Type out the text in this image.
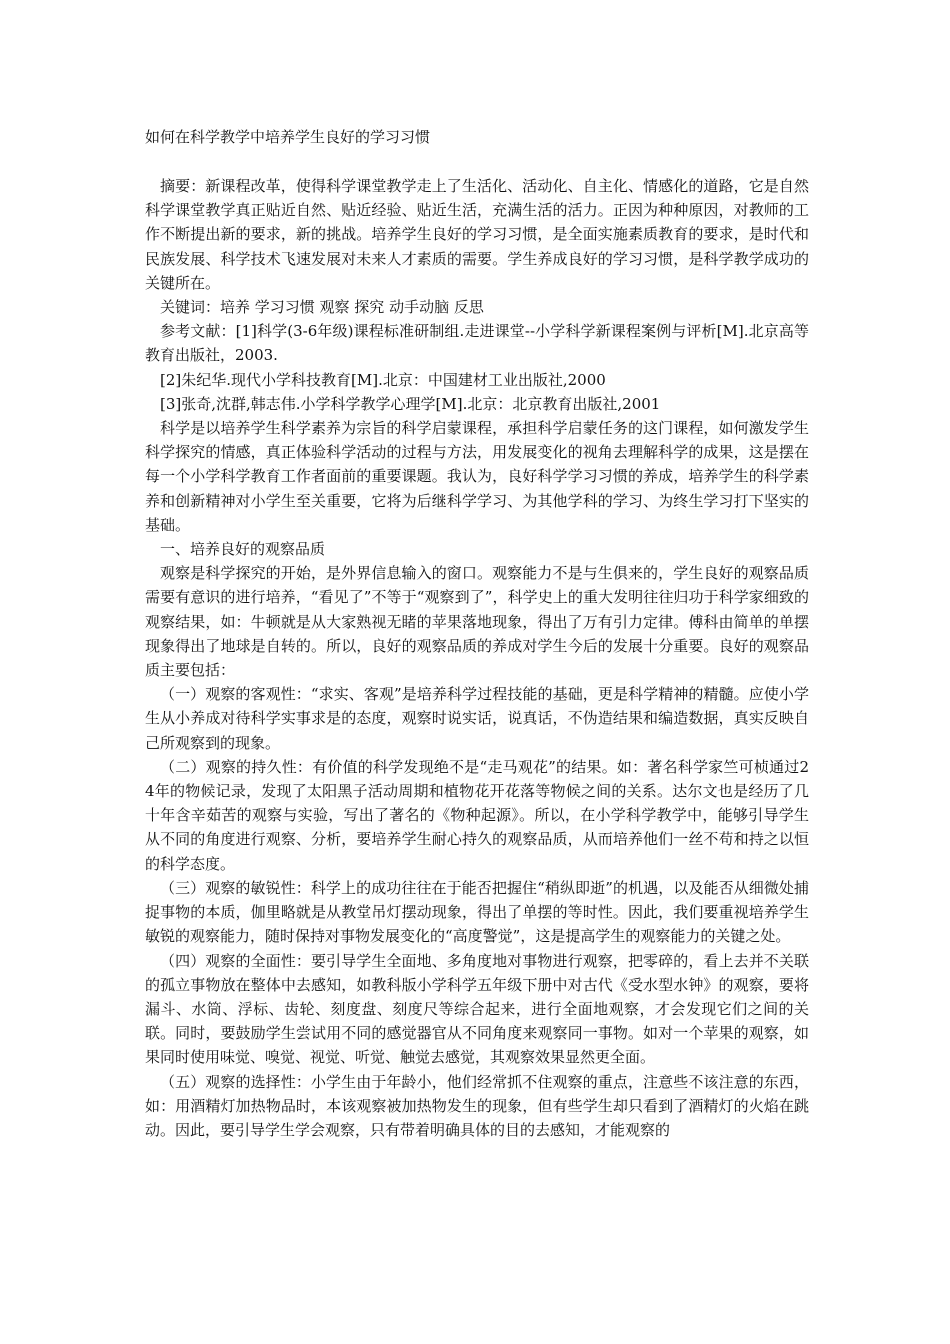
如何在科学教学中培养学生良好的学习习惯

摘要：新课程改革，使得科学课堂教学走上了生活化、活动化、自主化、情感化的道路，它是自然科学课堂教学真正贴近自然、贴近经验、贴近生活，充满生活的活力。正因为种种原因，对教师的工作不断提出新的要求，新的挑战。培养学生良好的学习习惯，是全面实施素质教育的要求，是时代和民族发展、科学技术飞速发展对未来人才素质的需要。学生养成良好的学习习惯，是科学教学成功的关键所在。

关键词：培养 学习习惯 观察 探究 动手动脑 反思

参考文献：[1]科学(3-6年级)课程标准研制组.走进课堂--小学科学新课程案例与评析[M].北京高等教育出版社，2003.

[2]朱纪华.现代小学科技教育[M].北京：中国建材工业出版社,2000

[3]张奇,沈群,韩志伟.小学科学教学心理学[M].北京：北京教育出版社,2001

科学是以培养学生科学素养为宗旨的科学启蒙课程，承担科学启蒙任务的这门课程，如何激发学生科学探究的情感，真正体验科学活动的过程与方法，用发展变化的视角去理解科学的成果，这是摆在每一个小学科学教育工作者面前的重要课题。我认为，良好科学学习习惯的养成，培养学生的科学素养和创新精神对小学生至关重要，它将为后继科学学习、为其他学科的学习、为终生学习打下坚实的基础。

一、培养良好的观察品质

观察是科学探究的开始，是外界信息输入的窗口。观察能力不是与生俱来的，学生良好的观察品质需要有意识的进行培养，“看见了”不等于“观察到了”，科学史上的重大发明往往归功于科学家细致的观察结果，如：牛顿就是从大家熟视无睹的苹果落地现象，得出了万有引力定律。傅科由简单的单摆现象得出了地球是自转的。所以，良好的观察品质的养成对学生今后的发展十分重要。良好的观察品质主要包括：

（一）观察的客观性：“求实、客观”是培养科学过程技能的基础，更是科学精神的精髓。应使小学生从小养成对待科学实事求是的态度，观察时说实话，说真话，不伪造结果和编造数据，真实反映自己所观察到的现象。

（二）观察的持久性：有价值的科学发现绝不是“走马观花”的结果。如：著名科学家竺可桢通过24年的物候记录，发现了太阳黑子活动周期和植物花开花落等物候之间的关系。达尔文也是经历了几十年含辛茹苦的观察与实验，写出了著名的《物种起源》。所以，在小学科学教学中，能够引导学生从不同的角度进行观察、分析，要培养学生耐心持久的观察品质，从而培养他们一丝不苟和持之以恒的科学态度。

（三）观察的敏锐性：科学上的成功往往在于能否把握住“稍纵即逝”的机遇，以及能否从细微处捕捉事物的本质，伽里略就是从教堂吊灯摆动现象，得出了单摆的等时性。因此，我们要重视培养学生敏锐的观察能力，随时保持对事物发展变化的“高度警觉”，这是提高学生的观察能力的关键之处。

（四）观察的全面性：要引导学生全面地、多角度地对事物进行观察，把零碎的，看上去并不关联的孤立事物放在整体中去感知，如教科版小学科学五年级下册中对古代《受水型水钟》的观察，要将漏斗、水筒、浮标、齿轮、刻度盘、刻度尺等综合起来，进行全面地观察，才会发现它们之间的关联。同时，要鼓励学生尝试用不同的感觉器官从不同角度来观察同一事物。如对一个苹果的观察，如果同时使用味觉、嗅觉、视觉、听觉、触觉去感觉，其观察效果显然更全面。

（五）观察的选择性：小学生由于年龄小，他们经常抓不住观察的重点，注意些不该注意的东西，如：用酒精灯加热物品时，本该观察被加热物发生的现象，但有些学生却只看到了酒精灯的火焰在跳动。因此，要引导学生学会观察，只有带着明确具体的目的去感知，才能观察的
